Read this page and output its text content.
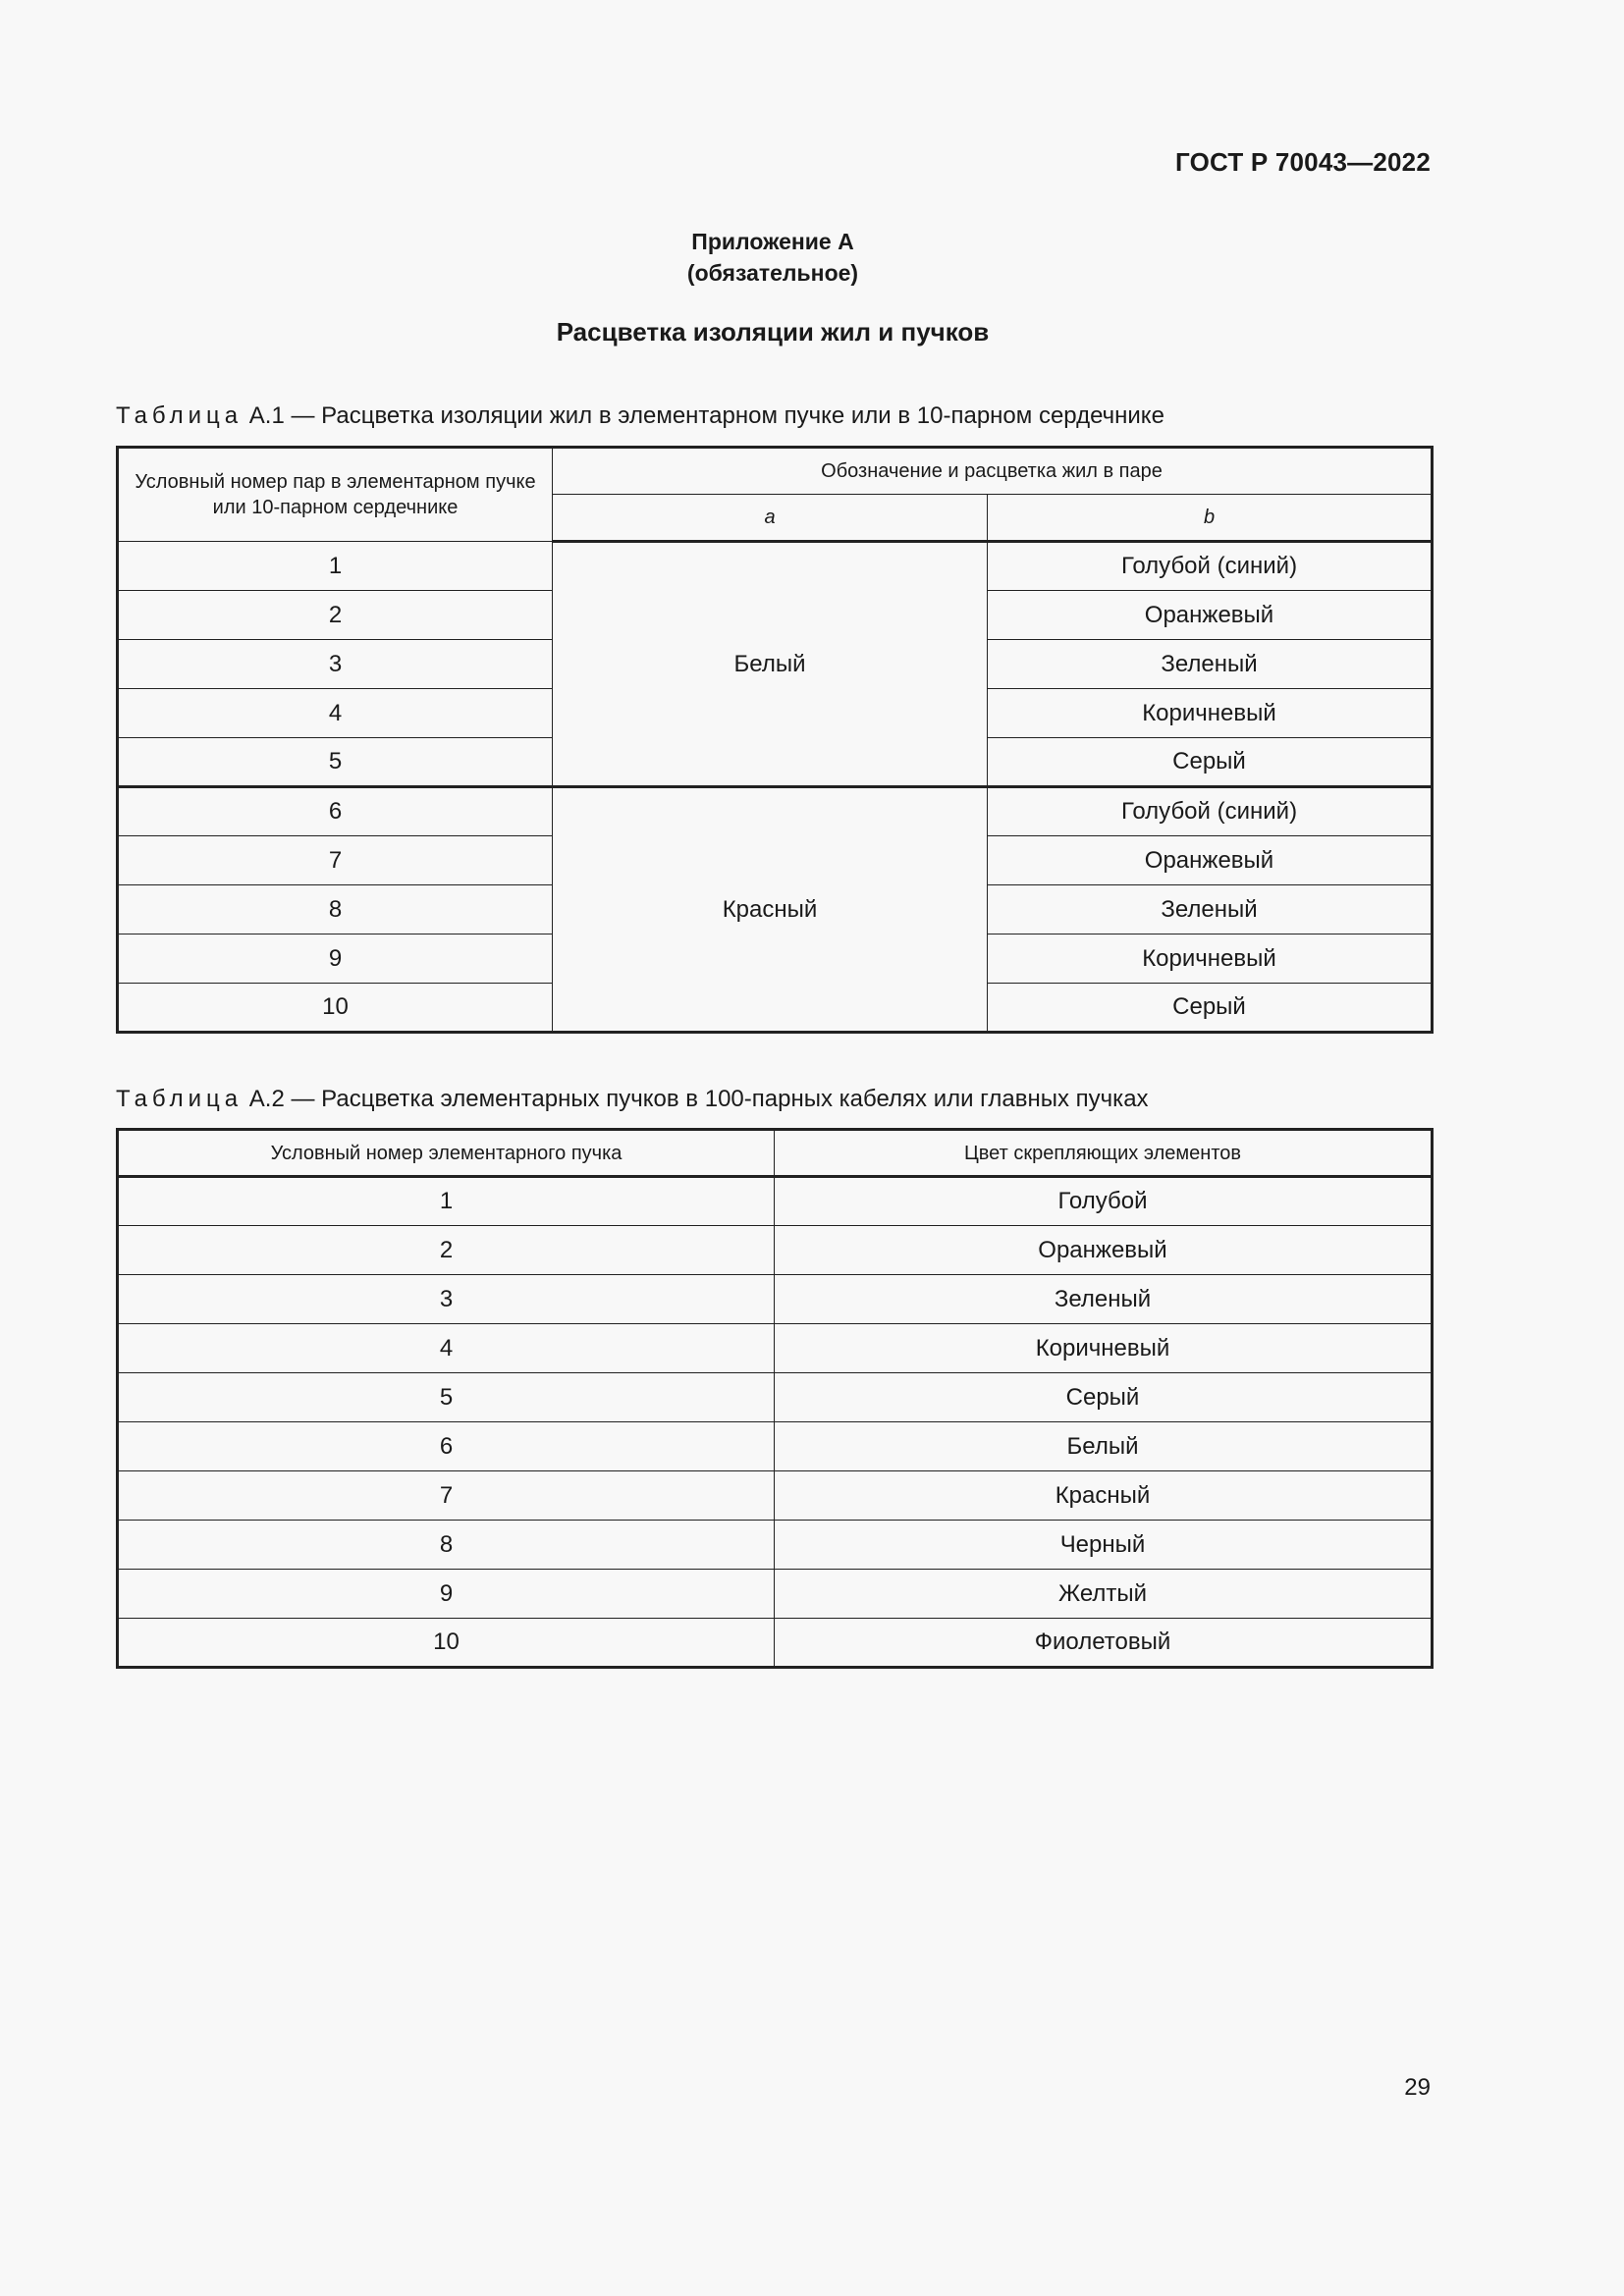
ГОСТ Р 70043—2022
Приложение А
(обязательное)
Расцветка изоляции жил и пучков
Таблица А.1 — Расцветка изоляции жил в элементарном пучке или в 10-парном сердечнике
Условный номер пар в элементарном пучке или 10-парном сердечнике	Обозначение и расцветка жил в паре	
	a	b
1	Белый	Голубой (синий)
2		Оранжевый
3		Зеленый
4		Коричневый
5		Серый
6	Красный	Голубой (синий)
7		Оранжевый
8		Зеленый
9		Коричневый
10		Серый
Таблица А.2 — Расцветка элементарных пучков в 100-парных кабелях или главных пучках
Условный номер элементарного пучка	Цвет скрепляющих элементов
1	Голубой
2	Оранжевый
3	Зеленый
4	Коричневый
5	Серый
6	Белый
7	Красный
8	Черный
9	Желтый
10	Фиолетовый
29
